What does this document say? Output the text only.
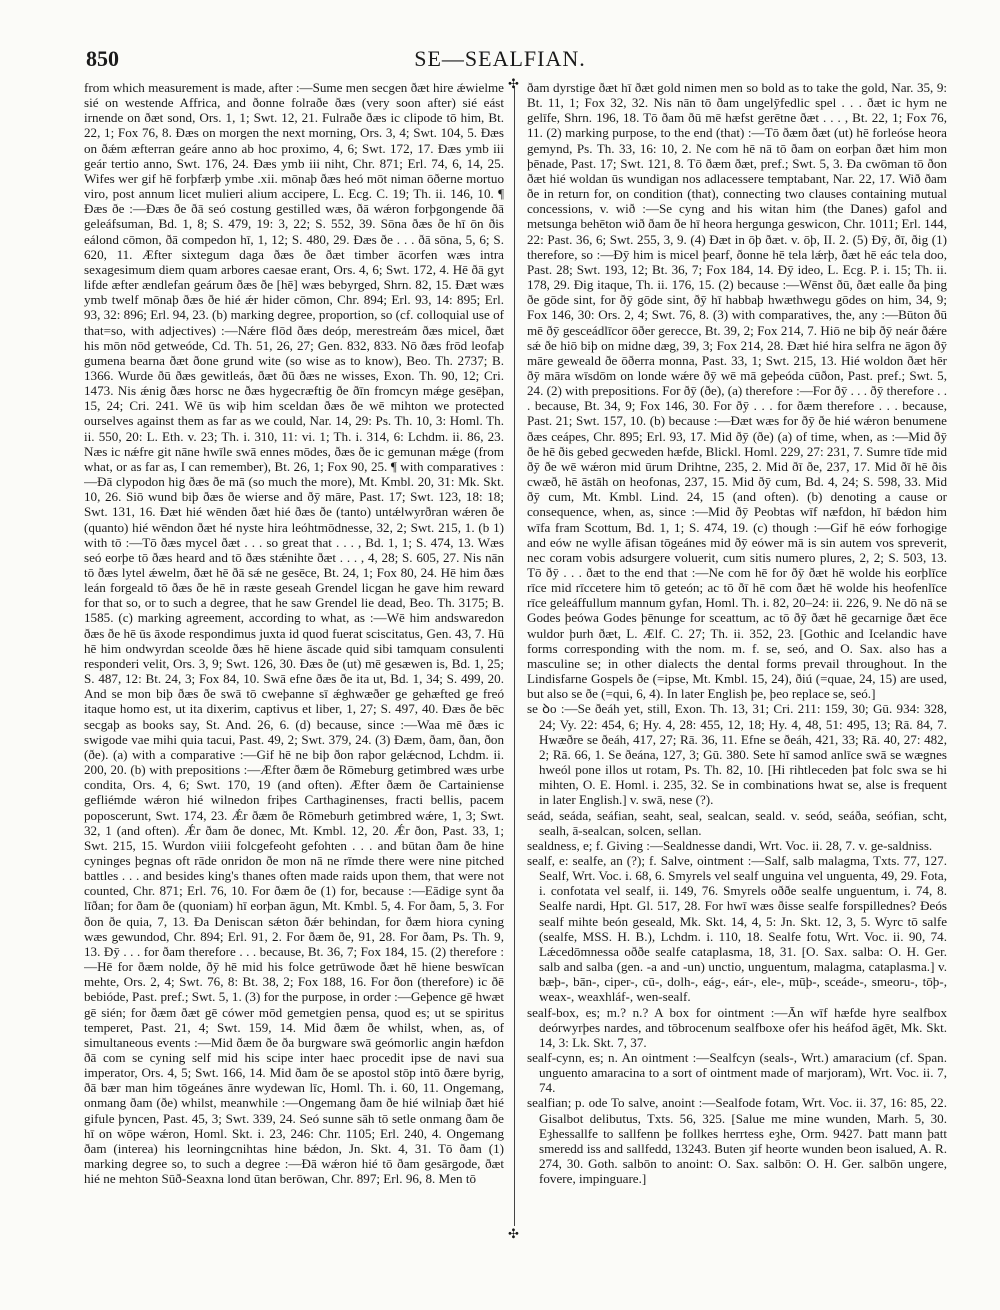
850	SE—SEALFIAN.

from which measurement is made, after :—Sume men secgen ðæt hire ǽwielme sié on westende Affrica, and ðonne folraðe ðæs (very soon after) sié eást irnende on ðæt sond, Ors. 1, 1; Swt. 12, 21. Fulraðe ðæs ic clipode tō him, Bt. 22, 1; Fox 76, 8. Ðæs on morgen the next morning, Ors. 3, 4; Swt. 104, 5. Ðæs on ðǽm æfterran geáre anno ab hoc proximo, 4, 6; Swt. 172, 17. Ðæs ymb iii geár tertio anno, Swt. 176, 24. Ðæs ymb iii niht, Chr. 871; Erl. 74, 6, 14, 25. Wifes wer gif hē forþfærþ ymbe .xii. mōnaþ ðæs heó mōt niman ōðerne mortuo viro, post annum licet mulieri alium accipere, L. Ecg. C. 19; Th. ii. 146, 10. ¶ Ðæs ðe :—Ðæs ðe ðā seó costung gestilled wæs, ðā wǽron forþgongende ðā geleáfsuman, Bd. 1, 8; S. 479, 19: 3, 22; S. 552, 39. Sōna ðæs ðe hī ōn ðis eálond cōmon, ðā compedon hī, 1, 12; S. 480, 29. Ðæs ðe . . . ðā sōna, 5, 6; S. 620, 11. Æfter sixtegum daga ðæs ðe ðæt timber ācorfen wæs intra sexagesimum diem quam arbores caesae erant, Ors. 4, 6; Swt. 172, 4. Hē ðā gyt lifde æfter ændlefan geárum ðæs ðe [hē] wæs bebyrged, Shrn. 82, 15. Ðæt wæs ymb twelf mōnaþ ðæs ðe hié ǽr hider cōmon, Chr. 894; Erl. 93, 14: 895; Erl. 93, 32: 896; Erl. 94, 23. (b) marking degree, proportion, so (cf. colloquial use of that=so, with adjectives) :—Nǽre flōd ðæs deóp, merestreám ðæs micel, ðæt his mōn nōd getweóde, Cd. Th. 51, 26, 27; Gen. 832, 833. Nō ðæs frōd leofaþ gumena bearna ðæt ðone grund wite (so wise as to know), Beo. Th. 2737; B. 1366. Wurde ðū ðæs gewitleás, ðæt ðū ðæs ne wisses, Exon. Th. 90, 12; Cri. 1473. Nis ǽnig ðæs horsc ne ðæs hygecræftig ðe ðīn fromcyn mǽge gesēþan, 15, 24; Cri. 241. Wē ūs wiþ him sceldan ðæs ðe wē mihton we protected ourselves against them as far as we could, Nar. 14, 29: Ps. Th. 10, 3: Homl. Th. ii. 550, 20: L. Eth. v. 23; Th. i. 310, 11: vi. 1; Th. i. 314, 6: Lchdm. ii. 86, 23. Næs ic nǽfre git nāne hwīle swā ennes mōdes, ðæs ðe ic gemunan mǽge (from what, or as far as, I can remember), Bt. 26, 1; Fox 90, 25. ¶ with comparatives :—Ðā clypodon hig ðæs ðe mā (so much the more), Mt. Kmbl. 20, 31: Mk. Skt. 10, 26. Siō wund biþ ðæs ðe wierse and ðȳ māre, Past. 17; Swt. 123, 18: 18; Swt. 131, 16. Ðæt hié wēnden ðæt hié ðæs ðe (tanto) untǽlwyrðran wǽren ðe (quanto) hié wēndon ðæt hé nyste hira leóhtmōdnesse, 32, 2; Swt. 215, 1. (b 1) with tō :—Tō ðæs mycel ðæt . . . so great that . . . , Bd. 1, 1; S. 474, 13. Wæs seó eorþe tō ðæs heard and tō ðæs stǽnihte ðæt . . . , 4, 28; S. 605, 27. Nis nān tō ðæs lytel ǽwelm, ðæt hē ðā sǽ ne gesēce, Bt. 24, 1; Fox 80, 24. Hē him ðæs leán forgeald tō ðæs ðe hē in ræste geseah Grendel licgan he gave him reward for that so, or to such a degree, that he saw Grendel lie dead, Beo. Th. 3175; B. 1585. (c) marking agreement, according to what, as :—Wē him andswaredon ðæs ðe hē ūs āxode respondimus juxta id quod fuerat sciscitatus, Gen. 43, 7. Hū hē him ondwyrdan sceolde ðæs hē hiene āscade quid sibi tamquam consulenti responderi velit, Ors. 3, 9; Swt. 126, 30. Ðæs ðe (ut) mē gesæwen is, Bd. 1, 25; S. 487, 12: Bt. 24, 3; Fox 84, 10. Swā efne ðæs ðe ita ut, Bd. 1, 34; S. 499, 20. And se mon biþ ðæs ðe swā tō cweþanne sī ǽghwæðer ge gehæfted ge freó itaque homo est, ut ita dixerim, captivus et liber, 1, 27; S. 497, 40. Ðæs ðe bēc secgaþ as books say, St. And. 26, 6. (d) because, since :—Waa mē ðæs ic swigode vae mihi quia tacui, Past. 49, 2; Swt. 379, 24. (3) Ðæm, ðam, ðan, ðon (ðe). (a) with a comparative :—Gif hē ne biþ ðon raþor gelǽcnod, Lchdm. ii. 200, 20. (b) with prepositions :—Æfter ðæm ðe Rōmeburg getimbred wæs urbe condita, Ors. 4, 6; Swt. 170, 19 (and often). Æfter ðæm ðe Cartainiense gefliémde wǽron hié wilnedon friþes Carthaginenses, fracti bellis, pacem poposcerunt, Swt. 174, 23. Ǽr ðæm ðe Rōmeburh getimbred wǽre, 1, 3; Swt. 32, 1 (and often). Ǽr ðam ðe donec, Mt. Kmbl. 12, 20. Ǽr ðon, Past. 33, 1; Swt. 215, 15. Wurdon viiii folcgefeoht gefohten . . . and būtan ðam ðe hine cyninges þegnas oft rāde onridon ðe mon nā ne rīmde there were nine pitched battles . . . and besides king's thanes often made raids upon them, that were not counted, Chr. 871; Erl. 76, 10. For ðæm ðe (1) for, because :—Eādige synt ða līðan; for ðam ðe (quoniam) hī eorþan āgun, Mt. Kmbl. 5, 4. For ðam, 5, 3. For ðon ðe quia, 7, 13. Ða Deniscan sǽton ðǽr behindan, for ðæm hiora cyning wæs gewundod, Chr. 894; Erl. 91, 2. For ðæm ðe, 91, 28. For ðam, Ps. Th. 9, 13. Ðȳ . . . for ðam therefore . . . because, Bt. 36, 7; Fox 184, 15. (2) therefore :—Hē for ðæm nolde, ðȳ hē mid his folce getrūwode ðæt hē hiene beswīcan mehte, Ors. 2, 4; Swt. 76, 8: Bt. 38, 2; Fox 188, 16. For ðon (therefore) ic ðē bebióde, Past. pref.; Swt. 5, 1. (3) for the purpose, in order :—Geþence gē hwæt gē sién; for ðæm ðæt gē cówer mōd gemetgien pensa, quod es; ut se spiritus temperet, Past. 21, 4; Swt. 159, 14. Mid ðæm ðe whilst, when, as, of simultaneous events :—Mid ðæm ðe ða burgware swā geómorlic angin hæfdon ðā com se cyning self mid his scipe inter haec procedit ipse de navi sua imperator, Ors. 4, 5; Swt. 166, 14. Mid ðam ðe se apostol stōp intō ðære byrig, ðā bær man him tōgeánes ānre wydewan līc, Homl. Th. i. 60, 11. Ongemang, onmang ðam (ðe) whilst, meanwhile :—Ongemang ðam ðe hié wilniaþ ðæt hié gifule þyncen, Past. 45, 3; Swt. 339, 24. Seó sunne sāh tō setle onmang ðam ðe hī on wōpe wǽron, Homl. Skt. i. 23, 246: Chr. 1105; Erl. 240, 4. Ongemang ðam (interea) his leorningcnihtas hine bǽdon, Jn. Skt. 4, 31. Tō ðam (1) marking degree so, to such a degree :—Ðā wǽron hié tō ðam gesārgode, ðæt hié ne mehton Sūð-Seaxna lond ūtan berōwan, Chr. 897; Erl. 96, 8. Men tō

✣
✣

ðam dyrstige ðæt hī ðæt gold nimen men so bold as to take the gold, Nar. 35, 9: Bt. 11, 1; Fox 32, 32. Nis nān tō ðam ungelȳfedlic spel . . . ðæt ic hym ne gelīfe, Shrn. 196, 18. Tō ðam ðū mē hæfst gerētne ðæt . . . , Bt. 22, 1; Fox 76, 11. (2) marking purpose, to the end (that) :—Tō ðæm ðæt (ut) hē forleóse heora gemynd, Ps. Th. 33, 16: 10, 2. Ne com hē nā tō ðam on eorþan ðæt him mon þēnade, Past. 17; Swt. 121, 8. Tō ðæm ðæt, pref.; Swt. 5, 3. Ða cwōman tō ðon ðæt hié woldan ūs wundigan nos adlacessere temptabant, Nar. 22, 17. Wið ðam ðe in return for, on condition (that), connecting two clauses containing mutual concessions, v. wið :—Se cyng and his witan him (the Danes) gafol and metsunga behēton wið ðam ðe hī heora hergunga geswicon, Chr. 1011; Erl. 144, 22: Past. 36, 6; Swt. 255, 3, 9. (4) Ðæt in ōþ ðæt. v. ōþ, II. 2. (5) Ðȳ, ðī, ðig (1) therefore, so :—Ðȳ him is micel þearf, ðonne hē tela lǽrþ, ðæt hē eác tela doo, Past. 28; Swt. 193, 12; Bt. 36, 7; Fox 184, 14. Ðȳ ideo, L. Ecg. P. i. 15; Th. ii. 178, 29. Ðig itaque, Th. ii. 176, 15. (2) because :—Wēnst ðū, ðæt ealle ða þing ðe gōde sint, for ðȳ gōde sint, ðȳ hī habbaþ hwæthwegu gōdes on him, 34, 9; Fox 146, 30: Ors. 2, 4; Swt. 76, 8. (3) with comparatives, the, any :—Būton ðū mē ðȳ gesceádlīcor ōðer gerecce, Bt. 39, 2; Fox 214, 7. Hiō ne biþ ðȳ neár ðǽre sǽ ðe hiō biþ on midne dæg, 39, 3; Fox 214, 28. Ðæt hié hira selfra ne āgon ðȳ māre geweald ðe ōðerra monna, Past. 33, 1; Swt. 215, 13. Hié woldon ðæt hēr ðȳ māra wīsdōm on londe wǽre ðȳ wē mā geþeóda cūðon, Past. pref.; Swt. 5, 24. (2) with prepositions. For ðȳ (ðe), (a) therefore :—For ðȳ . . . ðȳ therefore . . . because, Bt. 34, 9; Fox 146, 30. For ðȳ . . . for ðæm therefore . . . because, Past. 21; Swt. 157, 10. (b) because :—Ðæt wæs for ðȳ ðe hié wǽron benumene ðæs ceápes, Chr. 895; Erl. 93, 17. Mid ðȳ (ðe) (a) of time, when, as :—Mid ðȳ ðe hē ðis gebed gecweden hæfde, Blickl. Homl. 229, 27: 231, 7. Sumre tīde mid ðȳ ðe wē wǽron mid ūrum Drihtne, 235, 2. Mid ðī ðe, 237, 17. Mid ðī hē ðis cwæð, hē āstāh on heofonas, 237, 15. Mid ðȳ cum, Bd. 4, 24; S. 598, 33. Mid ðȳ cum, Mt. Kmbl. Lind. 24, 15 (and often). (b) denoting a cause or consequence, when, as, since :—Mid ðȳ Peobtas wīf næfdon, hī bǽdon him wīfa fram Scottum, Bd. 1, 1; S. 474, 19. (c) though :—Gif hē eów forhogige and eów ne wylle āfisan tōgeánes mid ðȳ eówer mā is sin autem vos spreverit, nec coram vobis adsurgere voluerit, cum sitis numero plures, 2, 2; S. 503, 13. Tō ðȳ . . . ðæt to the end that :—Ne com hē for ðȳ ðæt hē wolde his eorþlīce rīce mid rīccetere him tō geteón; ac tō ðī hē com ðæt hē wolde his heofenlīce rīce geleáffullum mannum gyfan, Homl. Th. i. 82, 20–24: ii. 226, 9. Ne dō nā se Godes þeówa Godes þēnunge for sceattum, ac tō ðȳ ðæt hē gecarnige ðæt ēce wuldor þurh ðæt, L. Ælf. C. 27; Th. ii. 352, 23. [Gothic and Icelandic have forms corresponding with the nom. m. f. se, seó, and O. Sax. also has a masculine se; in other dialects the dental forms prevail throughout. In the Lindisfarne Gospels ðe (=ipse, Mt. Kmbl. 15, 24), ðiú (=quae, 24, 15) are used, but also se ðe (=qui, 6, 4). In later English þe, þeo replace se, seó.]

se ꝺo :—Se ðeáh yet, still, Exon. Th. 13, 31; Cri. 211: 159, 30; Gū. 934: 328, 24; Vy. 22: 454, 6; Hy. 4, 28: 455, 12, 18; Hy. 4, 48, 51: 495, 13; Rā. 84, 7. Hwæðre se ðeáh, 417, 27; Rā. 36, 11. Efne se ðeáh, 421, 33; Rā. 40, 27: 482, 2; Rā. 66, 1. Se ðeána, 127, 3; Gū. 380. Sete hī samod anlīce swā se wægnes hweól pone illos ut rotam, Ps. Th. 82, 10. [Hi rihtleceden þat folc swa se hi mihten, O. E. Homl. i. 235, 32. Se in combinations hwat se, alse is frequent in later English.] v. swā, nese (?).

seád, seáda, seáfian, seaht, seal, sealcan, seald. v. seód, seáða, seófian, scht, sealh, ā-sealcan, solcen, sellan.

sealdness, e; f. Giving :—Sealdnesse dandi, Wrt. Voc. ii. 28, 7. v. ge-saldniss.

sealf, e: sealfe, an (?); f. Salve, ointment :—Salf, salb malagma, Txts. 77, 127. Sealf, Wrt. Voc. i. 68, 6. Smyrels vel sealf unguina vel unguenta, 49, 29. Fota, i. confotata vel sealf, ii. 149, 76. Smyrels oððe sealfe unguentum, i. 74, 8. Sealfe nardi, Hpt. Gl. 517, 28. For hwī wæs ðisse sealfe forspillednes? Ðeós sealf mihte beón geseald, Mk. Skt. 14, 4, 5: Jn. Skt. 12, 3, 5. Wyrc tō salfe (sealfe, MSS. H. B.), Lchdm. i. 110, 18. Sealfe fotu, Wrt. Voc. ii. 90, 74. Lǽcedōmnessa oððe sealfe cataplasma, 18, 31. [O. Sax. salba: O. H. Ger. salb and salba (gen. -a and -un) unctio, unguentum, malagma, cataplasma.] v. bæþ-, bān-, ciper-, cū-, dolh-, eág-, eár-, ele-, mūþ-, sceáde-, smeoru-, tōþ-, weax-, weaxhláf-, wen-sealf.

sealf-box, es; m.? n.? A box for ointment :—Ān wīf hæfde hyre sealfbox deórwyrþes nardes, and tōbrocenum sealfboxe ofer his heáfod āgēt, Mk. Skt. 14, 3: Lk. Skt. 7, 37.

sealf-cynn, es; n. An ointment :—Sealfcyn (seals-, Wrt.) amaracium (cf. Span. unguento amaracina to a sort of ointment made of marjoram), Wrt. Voc. ii. 7, 74.

sealfian; p. ode To salve, anoint :—Sealfode fotam, Wrt. Voc. ii. 37, 16: 85, 22. Gisalbot delibutus, Txts. 56, 325. [Salue me mine wunden, Marh. 5, 30. Eȝhessallfe to sallfenn þe follkes herrtess eȝhe, Orm. 9427. Þatt mann þatt smeredd iss and sallfedd, 13243. Buten ȝif heorte wunden beon isalued, A. R. 274, 30. Goth. salbōn to anoint: O. Sax. salbōn: O. H. Ger. salbōn ungere, fovere, impinguare.]
